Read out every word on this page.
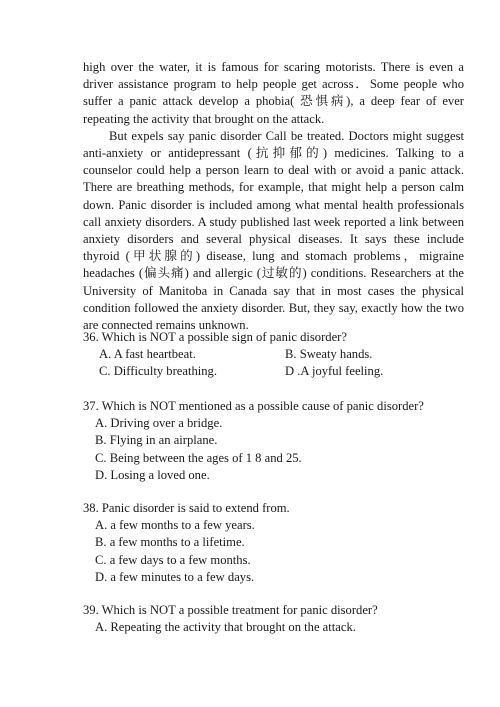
high over the water, it is famous for scaring motorists. There is even a driver assistance program to help people get across．Some people who suffer a panic attack develop a phobia( 恐惧病), a deep fear of ever repeating the activity that brought on the attack.

But expels say panic disorder Call be treated. Doctors might suggest anti-anxiety or antidepressant (抗抑郁的) medicines. Talking to a counselor could help a person learn to deal with or avoid a panic attack. There are breathing methods, for example, that might help a person calm down. Panic disorder is included among what mental health professionals call anxiety disorders. A study published last week reported a link between anxiety disorders and several physical diseases. It says these include thyroid (甲状腺的) disease, lung and stomach problems，migraine headaches (偏头痛) and allergic (过敏的) conditions. Researchers at the University of Manitoba in Canada say that in most cases the physical condition followed the anxiety disorder. But, they say, exactly how the two are connected remains unknown.

36. Which is NOT a possible sign of panic disorder?

A. A fast heartbeat.	B. Sweaty hands.
C. Difficulty breathing.	D .A joyful feeling.

37. Which is NOT mentioned as a possible cause of panic disorder?

A. Driving over a bridge.

B. Flying in an airplane.

C. Being between the ages of 1 8 and 25.

D. Losing a loved one.

38. Panic disorder is said to extend from.

A. a few months to a few years.

B. a few months to a lifetime.

C. a few days to a few months.

D. a few minutes to a few days.

39. Which is NOT a possible treatment for panic disorder?

A. Repeating the activity that brought on the attack.
